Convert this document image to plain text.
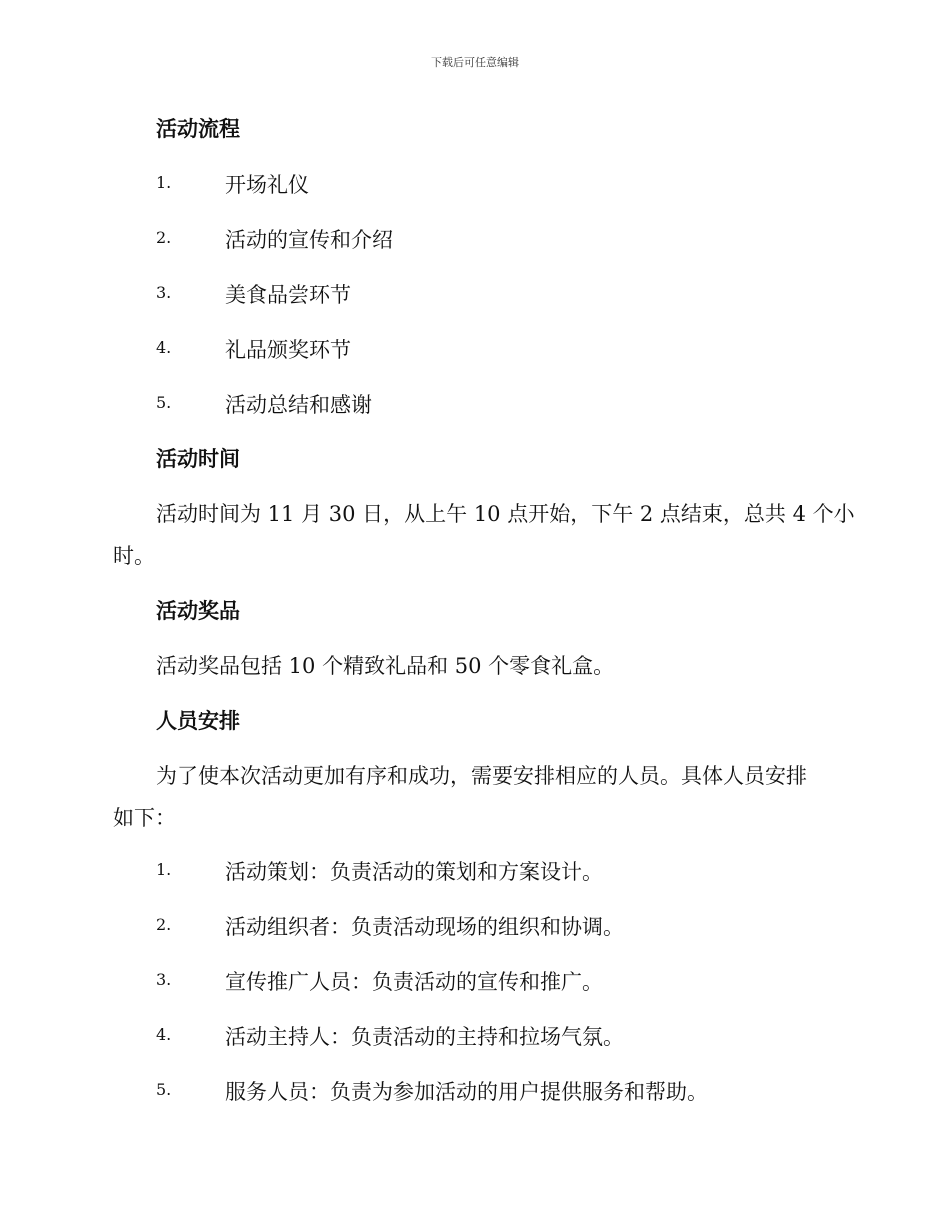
下载后可任意编辑
活动流程
1.	开场礼仪
2.	活动的宣传和介绍
3.	美食品尝环节
4.	礼品颁奖环节
5.	活动总结和感谢
活动时间
活动时间为 11 月 30 日，从上午 10 点开始，下午 2 点结束，总共 4 个小
时。
活动奖品
活动奖品包括 10 个精致礼品和 50 个零食礼盒。
人员安排
为了使本次活动更加有序和成功，需要安排相应的人员。具体人员安排
如下：
1.	活动策划：负责活动的策划和方案设计。
2.	活动组织者：负责活动现场的组织和协调。
3.	宣传推广人员：负责活动的宣传和推广。
4.	活动主持人：负责活动的主持和拉场气氛。
5.	服务人员：负责为参加活动的用户提供服务和帮助。
